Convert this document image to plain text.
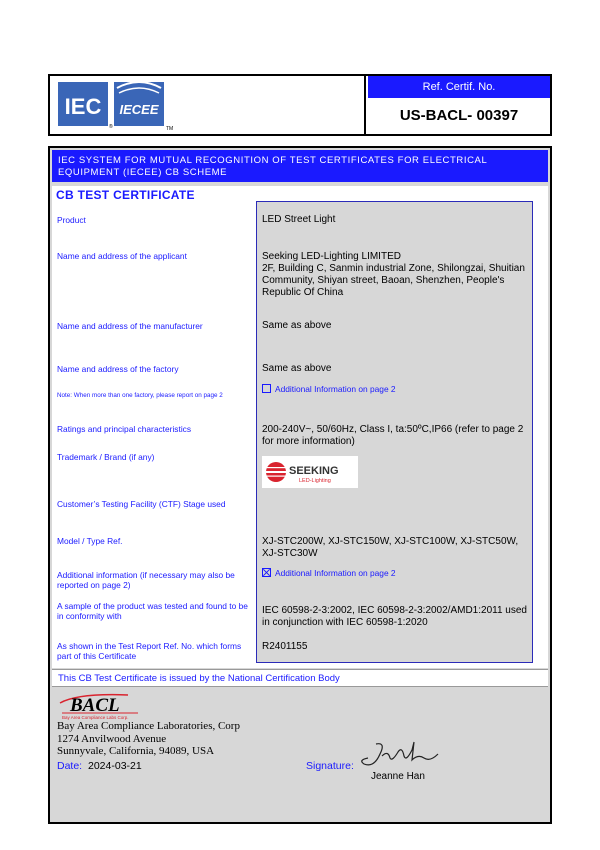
IEC IECEE
TM
®
Ref. Certif. No.
US-BACL- 00397
IEC SYSTEM FOR MUTUAL RECOGNITION OF TEST CERTIFICATES FOR ELECTRICAL EQUIPMENT (IECEE) CB SCHEME
CB TEST CERTIFICATE
Product
Name and address of the applicant
Name and address of the manufacturer
Name and address of the factory
Note: When more than one factory, please report on page 2
Ratings and principal characteristics
Trademark / Brand (if any)
Customer’s Testing Facility (CTF) Stage used
Model / Type Ref.
Additional information (if necessary may also be reported on page 2)
A sample of the product was tested and found to be in conformity with
As shown in the Test Report Ref. No. which forms part of this Certificate
LED Street Light
Seeking LED-Lighting LIMITED
2F, Building C, Sanmin industrial Zone, Shilongzai, Shuitian Community, Shiyan street, Baoan, Shenzhen, People's Republic Of China
Same as above
Same as above
Additional Information on page 2
200-240V~, 50/60Hz, Class I, ta:50ºC,IP66 (refer to page 2 for more information)
SEEKING
LED-Lighting
XJ-STC200W, XJ-STC150W, XJ-STC100W, XJ-STC50W, XJ-STC30W
Additional Information on page 2
IEC 60598-2-3:2002, IEC 60598-2-3:2002/AMD1:2011 used in conjunction with IEC 60598-1:2020
R2401155
This CB Test Certificate is issued by the National Certification Body
BACL
Bay Area Compliance Labs Corp.
Bay Area Compliance Laboratories, Corp
1274 Anvilwood Avenue
Sunnyvale, California, 94089, USA
Date: 2024-03-21	Signature:
Jeanne Han
